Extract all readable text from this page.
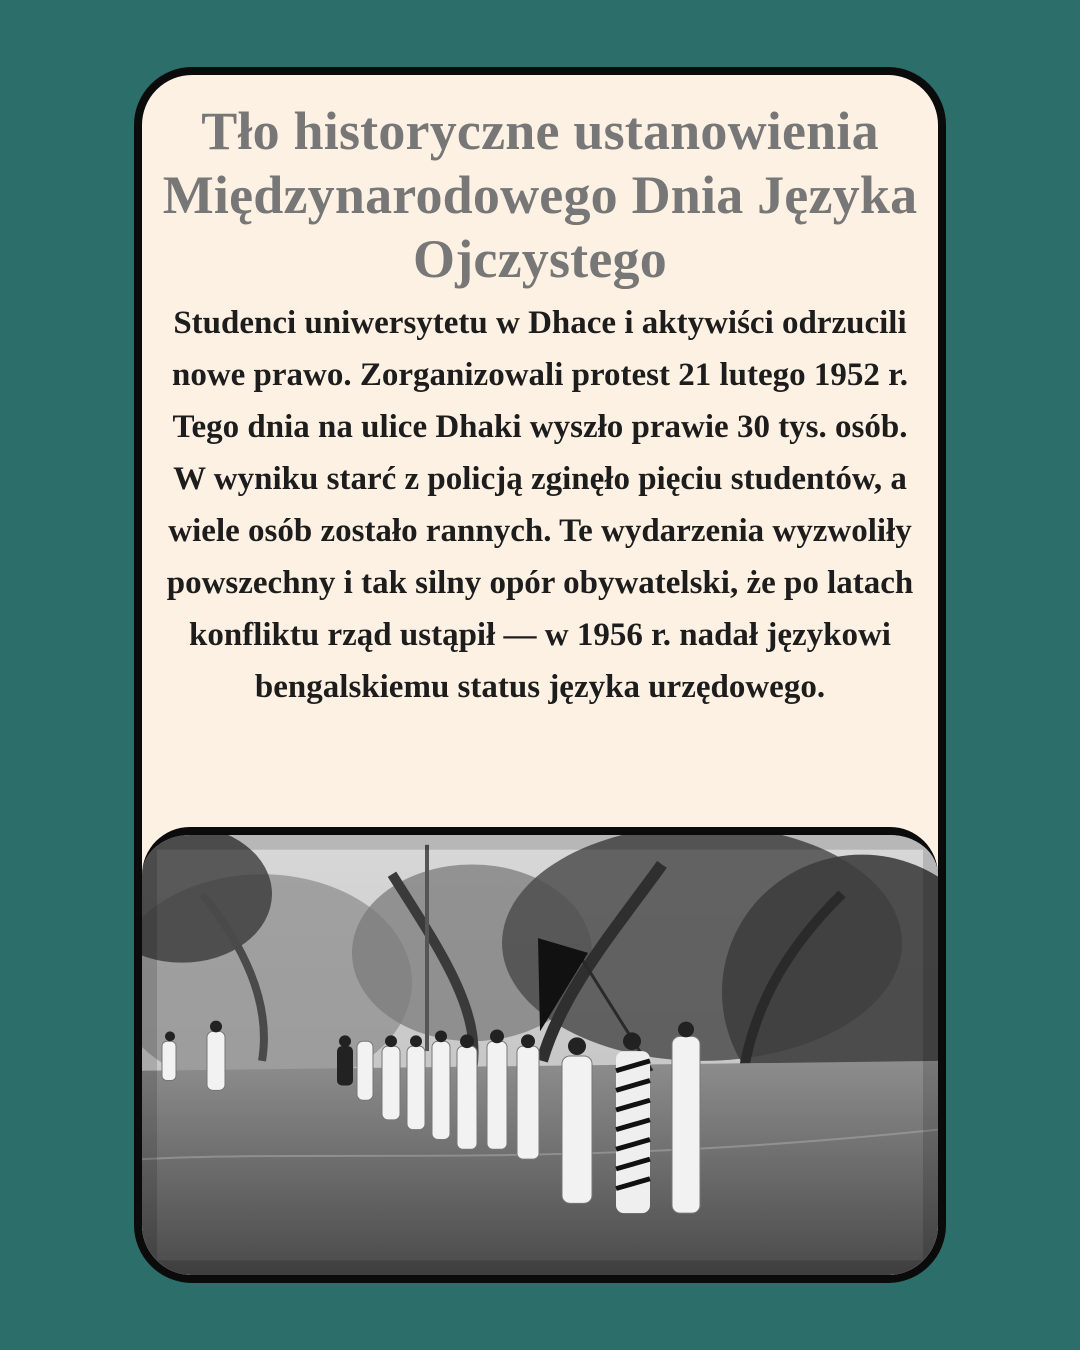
Tło historyczne ustanowienia Międzynarodowego Dnia Języka Ojczystego

Studenci uniwersytetu w Dhace i aktywiści odrzucili nowe prawo. Zorganizowali protest 21 lutego 1952 r. Tego dnia na ulice Dhaki wyszło prawie 30 tys. osób. W wyniku starć z policją zginęło pięciu studentów, a wiele osób zostało rannych. Te wydarzenia wyzwoliły powszechny i tak silny opór obywatelski, że po latach konfliktu rząd ustąpił — w 1956 r. nadał językowi bengalskiemu status języka urzędowego.
